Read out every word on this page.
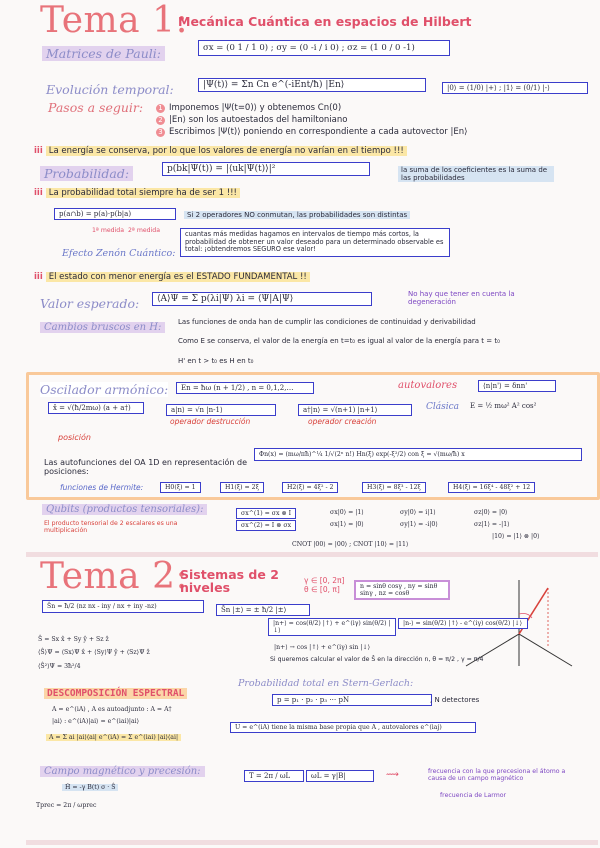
Tema 1:
Mecánica Cuántica en espacios de Hilbert
Matrices de Pauli:	σx = (0 1 / 1 0) ; σy = (0 -i / i 0) ; σz = (1 0 / 0 -1)
Evolución temporal:	|Ψ(t)⟩ = Σn Cn e^(-iEnt/ħ) |En⟩	|0⟩ = (1/0) |+⟩ ; |1⟩ = (0/1) |-⟩
Pasos a seguir:	1 Imponemos |Ψ(t=0)⟩ y obtenemos Cn(0)
2 |En⟩ son los autoestados del hamiltoniano
3 Escribimos |Ψ(t)⟩ poniendo en correspondiente a cada autovector |En⟩
iii La energía se conserva, por lo que los valores de energía no varían en el tiempo !!!
Probabilidad:	p(bk|Ψ(t)) = |⟨uk|Ψ(t)⟩|²	la suma de los coeficientes es la suma de las probabilidades
iii La probabilidad total siempre ha de ser 1 !!!
p(a∩b) = p(a)·p(b|a)	Si 2 operadores NO conmutan, las probabilidades son distintas
1ª medida 2ª medida
Efecto Zenón Cuántico:
cuantas más medidas hagamos en intervalos de tiempo más cortos, la probabilidad de obtener un valor deseado para un determinado observable es total: ¡obtendremos SEGURO ese valor!
iii El estado con menor energía es el ESTADO FUNDAMENTAL !!
Valor esperado:	⟨A⟩Ψ = Σ p(λi|Ψ) λi = ⟨Ψ|A|Ψ⟩	No hay que tener en cuenta la degeneración
Cambios bruscos en H:	Las funciones de onda han de cumplir las condiciones de continuidad y derivabilidad
Como E se conserva, el valor de la energía en t=t₀ es igual al valor de la energía para t = t₀
H' en t > t₀ es H en t₀
Oscilador armónico:	En = ħω (n + 1/2) , n = 0,1,2,…	autovalores	⟨n|n'⟩ = δnn'
x̂ = √(ħ/2mω) (a + a†)
posición
a|n⟩ = √n |n-1⟩
operador destrucción
a†|n⟩ = √(n+1) |n+1⟩
operador creación
Clásica E = ½ mω² A² cos²
Las autofunciones del OA 1D en representación de posiciones:
Φn(x) = (mω/πħ)^¼ 1/√(2ⁿ n!) Hn(ξ) exp(-ξ²/2) con ξ = √(mω/ħ) x
funciones de Hermite:	H0(ξ) = 1	H1(ξ) = 2ξ	H2(ξ) = 4ξ² - 2	H3(ξ) = 8ξ³ - 12ξ	H4(ξ) = 16ξ⁴ - 48ξ² + 12
Qubits (productos tensoriales):
El producto tensorial de 2 escalares es una multiplicación
σx^(1) = σx ⊗ I
σx^(2) = I ⊗ σx
σx|0⟩ = |1⟩	σy|0⟩ = i|1⟩	σz|0⟩ = |0⟩
σx|1⟩ = |0⟩	σy|1⟩ = -i|0⟩	σz|1⟩ = -|1⟩
|10⟩ = |1⟩ ⊗ |0⟩
CNOT |00⟩ = |00⟩ ; CNOT |10⟩ = |11⟩
Tema 2:
Sistemas de 2 niveles	γ ∈ [0, 2π] θ ∈ [0, π]
Ŝn = ħ/2 (nz nx - iny / nx + iny -nz)	Ŝn |±⟩ = ± ħ/2 |±⟩
n = sinθ cosγ , ny = sinθ sinγ , nz = cosθ
Ŝ = Sx x̂ + Sy ŷ + Sz ẑ
⟨Ŝ⟩Ψ = ⟨Sx⟩Ψ x̂ + ⟨Sy⟩Ψ ŷ + ⟨Sz⟩Ψ ẑ
⟨Ŝ²⟩Ψ = 3ħ²/4
|n+⟩ = cos(θ/2) |↑⟩ + e^(iγ) sin(θ/2) |↓⟩
|n-⟩ = sin(θ/2) |↑⟩ - e^(iγ) cos(θ/2) |↓⟩
|n+⟩ → cos |↑⟩ + e^(iγ) sin |↓⟩
Si queremos calcular el valor de Ŝ en la dirección n, θ = π/2 , γ = π/4
Probabilidad total en Stern-Gerlach:
p = p₁ · p₂ · p₃ ⋯ pN	, N detectores
DESCOMPOSICIÓN ESPECTRAL
A = e^(iA) , A es autoadjunto : A = A†
|ai⟩ : e^(iA)|ai⟩ = e^(iai)|ai⟩
A = Σ ai |ai⟩⟨ai| e^(iA) = Σ e^(iai) |ai⟩⟨ai|
U = e^(iA) tiene la misma base propia que A , autovalores e^(iaj)
Campo magnético y precesión:
Ĥ = -γ B(t) σ · Ŝ
T = 2π / ωL	ωL = γ|B|	⟿	frecuencia con la que precesiona el átomo a causa de un campo magnético
frecuencia de Larmor
Tprec = 2π / ωprec
